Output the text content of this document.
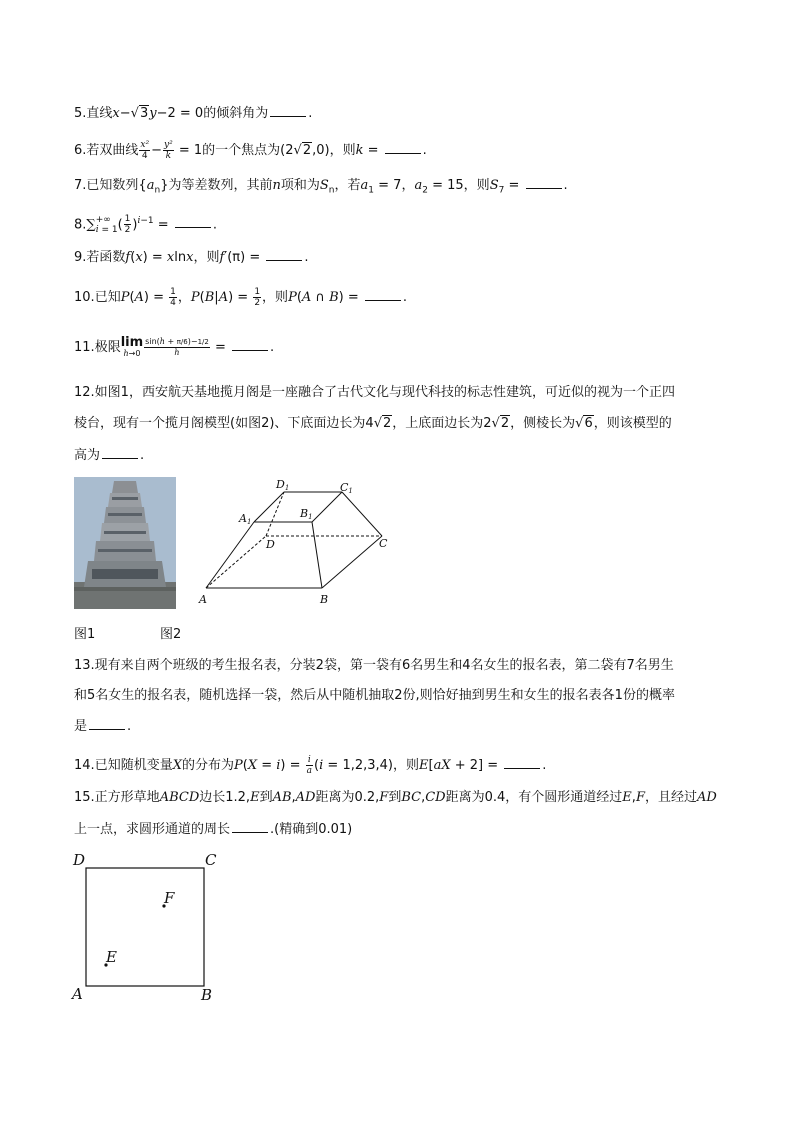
5.直线x−√3y−2 = 0的倾斜角为	.
6.若双曲线 $\frac{\text{x²}}{4} - \frac{\text{y²}}{k} = 1$的一个焦点为(2√2,0)，则k =	.
7.已知数列$\{a_n\}$为等差数列，其前n项和为$S_n$，若$a_1 = 7$，$a_2 = 15$，则$S_7$ =	.
8.∑ +∞
i = 1 ( $\frac{1}{2} )^{i-1}$ =	.
9.若函数f(x) = xlnx，则f′(π) =	.
10.已知$P(A) = \frac{1}{4}$ ，$P(B|A) = \frac{1}{2}$ ，则P(A ∩ B) =	.
11.极限 lim
$h\to 0 \frac{\sin(h + \pi/6)-1/2}{h}$ =	.
12.如图1，西安航天基地揽月阁是一座融合了古代文化与现代科技的标志性建筑，可近似的视为一个正四
棱台，现有一个揽月阁模型(如图2)、下底面边长为4√2，上底面边长为2√2，侧棱长为√6，则该模型的
高为	.
A	B
C
D
A1
B1
C1
D1
图1	图2
13.现有来自两个班级的考生报名表，分装2袋，第一袋有6名男生和4名女生的报名表，第二袋有7名男生
和5名女生的报名表，随机选择一袋，然后从中随机抽取2份,则恰好抽到男生和女生的报名表各1份的概率
是	.
14.已知随机变量X的分布为$P(X = i) = \frac{i}{a} (i = 1,2,3,4)$，则E[aX + 2] =	.
15.正方形草地ABCD边长1.2,E到AB,AD距离为0.2,F到BC,CD距离为0.4，有个圆形通道经过E,F，且经过AD
上一点，求圆形通道的周长	.(精确到0.01)
D	C
A	B
F
E
